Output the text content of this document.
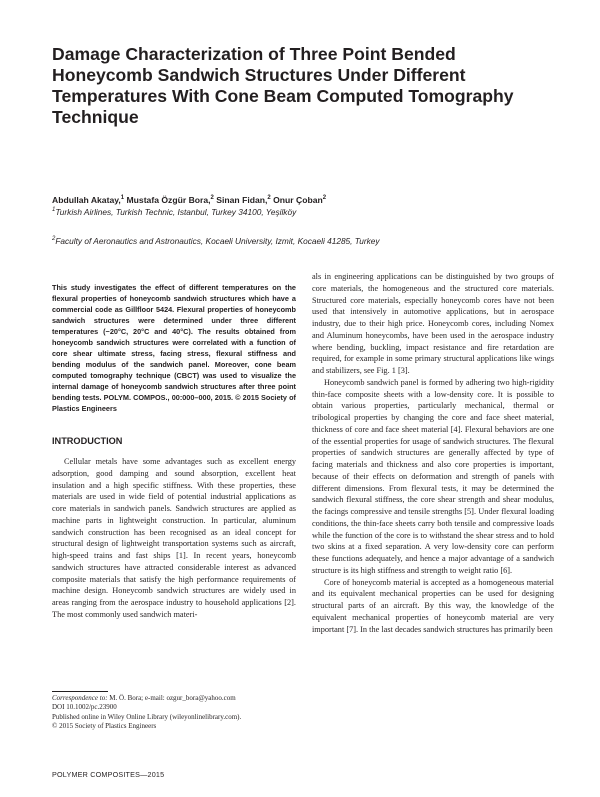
Damage Characterization of Three Point Bended Honeycomb Sandwich Structures Under Different Temperatures With Cone Beam Computed Tomography Technique
Abdullah Akatay,$^1$ Mustafa Özgür Bora,$^2$ Sinan Fidan,$^2$ Onur Çoban$^2$
$^1$Turkish Airlines, Turkish Technic, Istanbul, Turkey 34100, Yeşilköy
$^2$Faculty of Aeronautics and Astronautics, Kocaeli University, Izmit, Kocaeli 41285, Turkey

This study investigates the effect of different temperatures on the flexural properties of honeycomb sandwich structures which have a commercial code as Gillfloor 5424. Flexural properties of honeycomb sandwich structures were determined under three different temperatures (−20°C, 20°C and 40°C). The results obtained from honeycomb sandwich structures were correlated with a function of core shear ultimate stress, facing stress, flexural stiffness and bending modulus of the sandwich panel. Moreover, cone beam computed tomography technique (CBCT) was used to visualize the internal damage of honeycomb sandwich structures after three point bending tests. POLYM. COMPOS., 00:000–000, 2015. © 2015 Society of Plastics Engineers

INTRODUCTION

Cellular metals have some advantages such as excellent energy adsorption, good damping and sound absorption, excellent heat insulation and a high specific stiffness. With these properties, these materials are used in wide field of potential industrial applications as core materials in sandwich panels. Sandwich structures are applied as machine parts in lightweight construction. In particular, aluminum sandwich construction has been recognised as an ideal concept for structural design of lightweight transportation systems such as aircraft, high-speed trains and fast ships [1]. In recent years, honeycomb sandwich structures have attracted considerable interest as advanced composite materials that satisfy the high performance requirements of machine design. Honeycomb sandwich structures are widely used in areas ranging from the aerospace industry to household applications [2]. The most commonly used sandwich materi-

als in engineering applications can be distinguished by two groups of core materials, the homogeneous and the structured core materials. Structured core materials, especially honeycomb cores have not been used that intensively in automotive applications, but in aerospace industry, due to their high price. Honeycomb cores, including Nomex and Aluminum honeycombs, have been used in the aerospace industry where bending, buckling, impact resistance and fire retardation are required, for example in some primary structural applications like wings and stabilizers, see Fig. 1 [3].

Honeycomb sandwich panel is formed by adhering two high-rigidity thin-face composite sheets with a low-density core. It is possible to obtain various properties, particularly mechanical, thermal or tribological properties by changing the core and face sheet material, thickness of core and face sheet material [4]. Flexural behaviors are one of the essential properties for usage of sandwich structures. The flexural properties of sandwich structures are generally affected by type of facing materials and thickness and also core properties is important, because of their effects on deformation and strength of panels with different dimensions. From flexural tests, it may be determined the sandwich flexural stiffness, the core shear strength and shear modulus, the facings compressive and tensile strengths [5]. Under flexural loading conditions, the thin-face sheets carry both tensile and compressive loads while the function of the core is to withstand the shear stress and to hold two skins at a fixed separation. A very low-density core can perform these functions adequately, and hence a major advantage of a sandwich structure is its high stiffness and strength to weight ratio [6].

Core of honeycomb material is accepted as a homogeneous material and its equivalent mechanical properties can be used for designing structural parts of an aircraft. By this way, the knowledge of the equivalent mechanical properties of honeycomb material are very important [7]. In the last decades sandwich structures has primarily been

Correspondence to: M. Ö. Bora; e-mail: ozgur_bora@yahoo.com
DOI 10.1002/pc.23900
Published online in Wiley Online Library (wileyonlinelibrary.com).
© 2015 Society of Plastics Engineers
POLYMER COMPOSITES—2015
